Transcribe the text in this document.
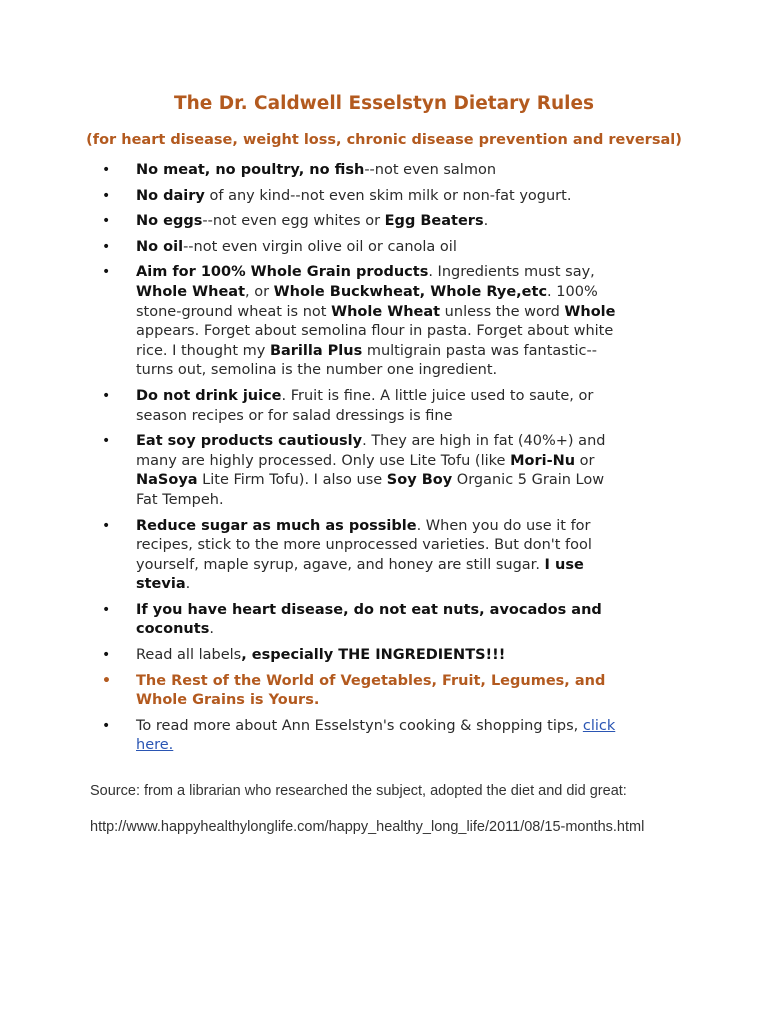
The Dr. Caldwell Esselstyn Dietary Rules

(for heart disease, weight loss, chronic disease prevention and reversal)

• No meat, no poultry, no fish--not even salmon
• No dairy of any kind--not even skim milk or non-fat yogurt.
• No eggs--not even egg whites or Egg Beaters.
• No oil--not even virgin olive oil or canola oil
• Aim for 100% Whole Grain products. Ingredients must say, Whole Wheat, or Whole Buckwheat, Whole Rye,etc. 100% stone-ground wheat is not Whole Wheat unless the word Whole appears. Forget about semolina flour in pasta. Forget about white rice. I thought my Barilla Plus multigrain pasta was fantastic--turns out, semolina is the number one ingredient.
• Do not drink juice. Fruit is fine. A little juice used to saute, or season recipes or for salad dressings is fine
• Eat soy products cautiously. They are high in fat (40%+) and many are highly processed. Only use Lite Tofu (like Mori-Nu or NaSoya Lite Firm Tofu). I also use Soy Boy Organic 5 Grain Low Fat Tempeh.
• Reduce sugar as much as possible. When you do use it for recipes, stick to the more unprocessed varieties. But don't fool yourself, maple syrup, agave, and honey are still sugar. I use stevia.
• If you have heart disease, do not eat nuts, avocados and coconuts.
• Read all labels, especially THE INGREDIENTS!!!
• The Rest of the World of Vegetables, Fruit, Legumes, and Whole Grains is Yours.
• To read more about Ann Esselstyn's cooking & shopping tips, click here.

Source: from a librarian who researched the subject, adopted the diet and did great:

http://www.happyhealthylonglife.com/happy_healthy_long_life/2011/08/15-months.html
